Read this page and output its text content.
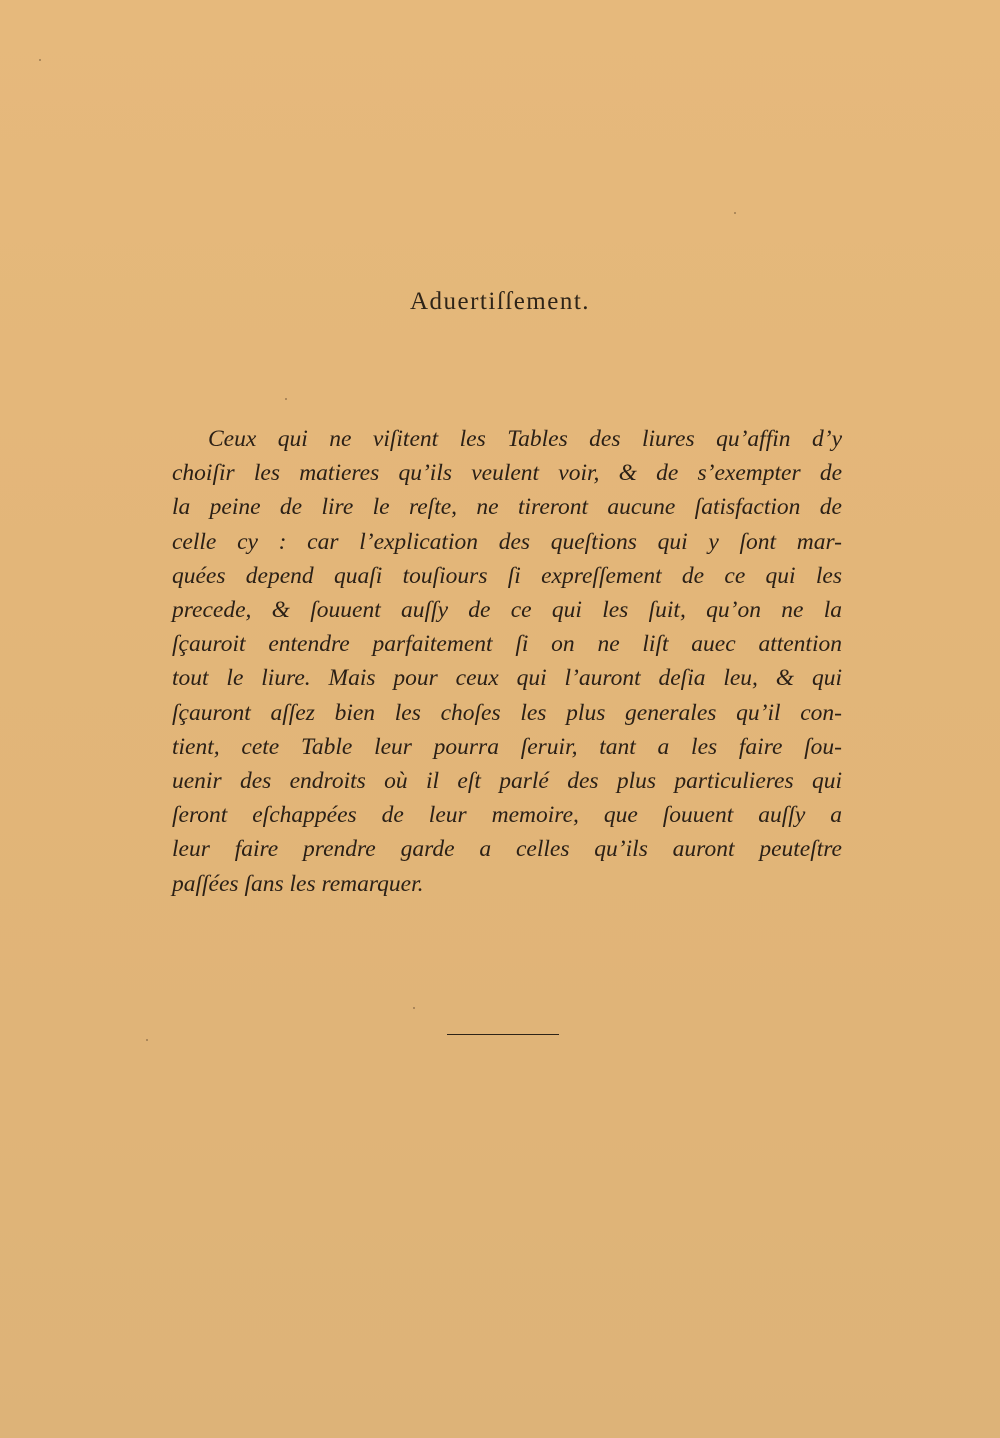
Aduertiſſement.
Ceux qui ne viſitent les Tables des liures qu’affin d’y
choiſir les matieres qu’ils veulent voir, & de s’exempter de
la peine de lire le reſte, ne tireront aucune ſatisfaction de
celle cy : car l’explication des queſtions qui y ſont mar-
quées depend quaſi touſiours ſi expreſſement de ce qui les
precede, & ſouuent auſſy de ce qui les ſuit, qu’on ne la
ſçauroit entendre parfaitement ſi on ne liſt auec attention
tout le liure. Mais pour ceux qui l’auront deſia leu, & qui
ſçauront aſſez bien les choſes les plus generales qu’il con-
tient, cete Table leur pourra ſeruir, tant a les faire ſou-
uenir des endroits où il eſt parlé des plus particulieres qui
ſeront eſchappées de leur memoire, que ſouuent auſſy a
leur faire prendre garde a celles qu’ils auront peuteſtre
paſſées ſans les remarquer.
